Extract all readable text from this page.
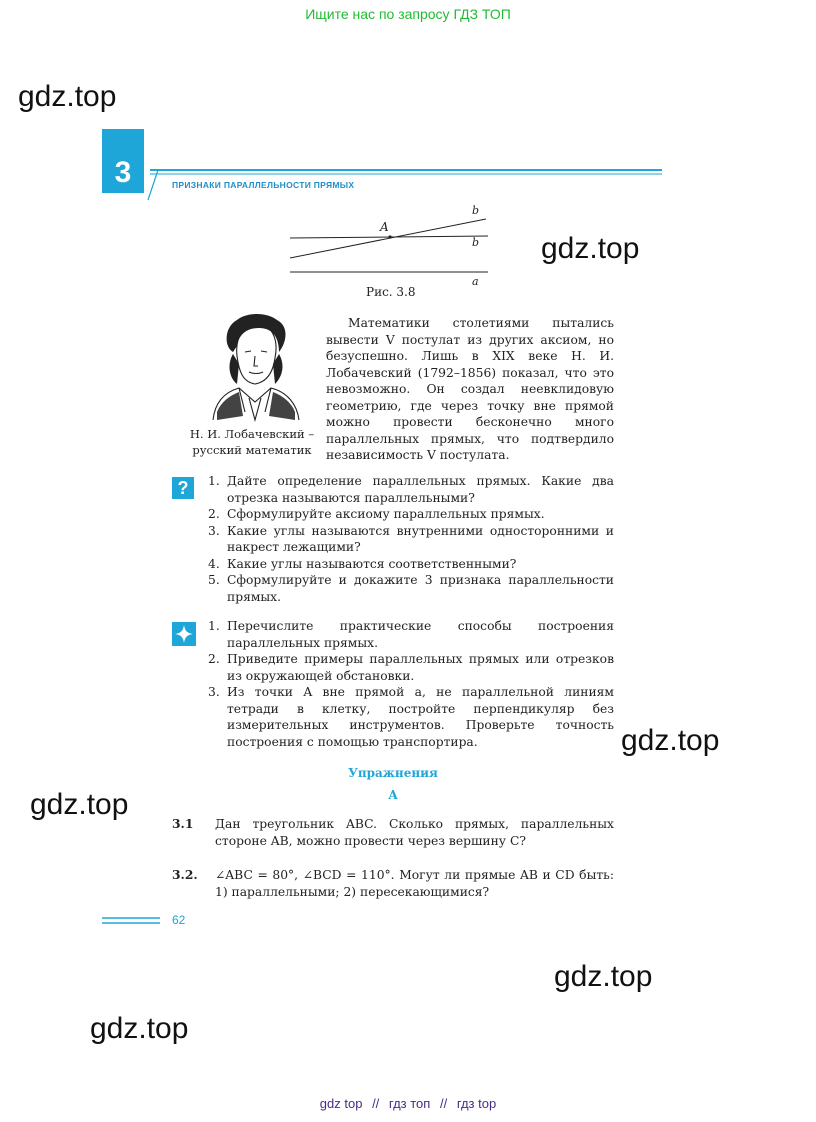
Ищите нас по запросу ГДЗ ТОП
gdz.top
gdz.top
gdz.top
gdz.top
gdz.top
gdz.top
3	ПРИЗНАКИ ПАРАЛЛЕЛЬНОСТИ ПРЯМЫХ
A
b
b
a
Рис. 3.8
Н. И. Лобачевский –
русский математик
Математики столетиями пытались вывести V постулат из других аксиом, но безуспешно. Лишь в XIX веке Н. И. Лобачевский (1792–1856) показал, что это невозможно. Он создал неевклидовую геометрию, где через точку вне прямой можно провести бесконечно много параллельных прямых, что подтвердило независимость V постулата.
?	1. Дайте определение параллельных прямых. Какие два отрезка называются параллельными?
2. Сформулируйте аксиому параллельных прямых.
3. Какие углы называются внутренними односторонними и накрест лежащими?
4. Какие углы называются соответственными?
5. Сформулируйте и докажите 3 признака параллельности прямых.
1. Перечислите практические способы построения параллельных прямых.
2. Приведите примеры параллельных прямых или отрезков из окружающей обстановки.
3. Из точки A вне прямой a, не параллельной линиям тетради в клетку, постройте перпендикуляр без измерительных инструментов. Проверьте точность построения с помощью транспортира.
Упражнения
A
3.1 Дан треугольник ABC. Сколько прямых, параллельных стороне AB, можно провести через вершину C?
3.2. ∠ABC = 80°, ∠BCD = 110°. Могут ли прямые AB и CD быть: 1) параллельными; 2) пересекающимися?
62
gdz top // гдз топ // гдз top
